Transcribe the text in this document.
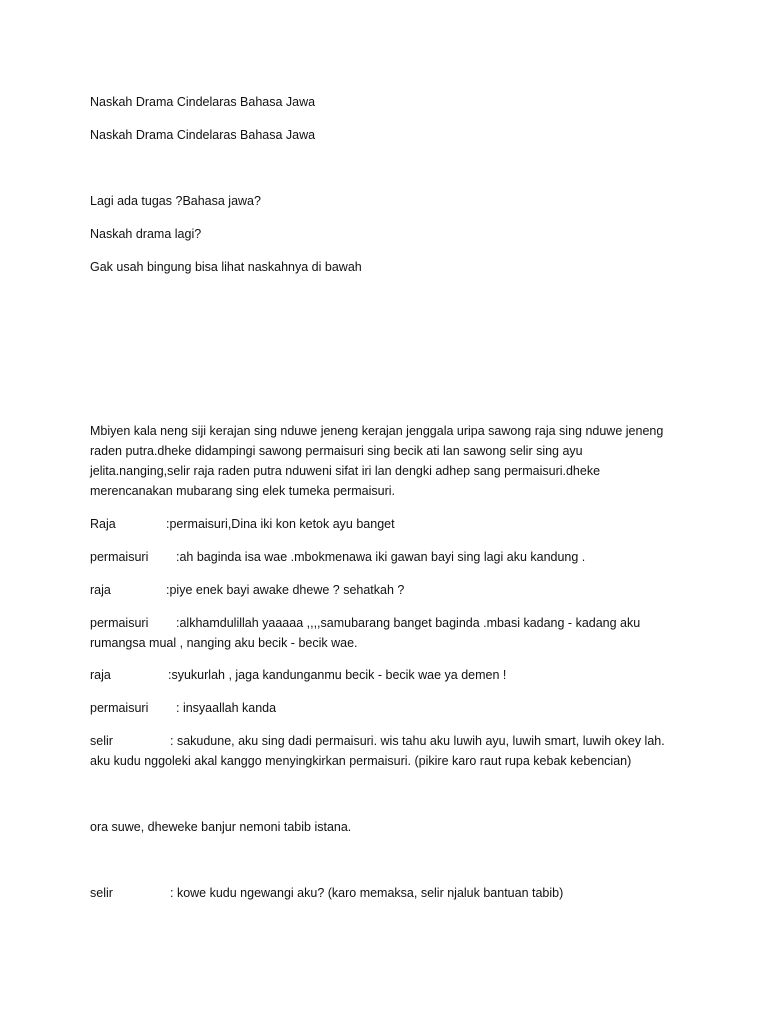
Naskah Drama Cindelaras Bahasa Jawa
Naskah Drama Cindelaras Bahasa Jawa
Lagi ada tugas ?Bahasa jawa?
Naskah drama lagi?
Gak usah bingung bisa lihat naskahnya di bawah
Mbiyen kala neng siji kerajan sing nduwe jeneng kerajan jenggala uripa sawong raja sing nduwe jeneng
raden putra.dheke didampingi sawong permaisuri sing becik ati lan sawong selir sing ayu
jelita.nanging,selir raja raden putra nduweni sifat iri lan dengki adhep sang permaisuri.dheke
merencanakan mubarang sing elek tumeka permaisuri.
Raja	:permaisuri,Dina iki kon ketok ayu banget
permaisuri :ah baginda isa wae .mbokmenawa iki gawan bayi sing lagi aku kandung .
raja	:piye enek bayi awake dhewe ? sehatkah ?
permaisuri :alkhamdulillah yaaaaa ,,,,samubarang banget baginda .mbasi kadang - kadang aku
rumangsa mual , nanging aku becik - becik wae.
raja	:syukurlah , jaga kandunganmu becik - becik wae ya demen !
permaisuri : insyaallah kanda
selir	: sakudune, aku sing dadi permaisuri. wis tahu aku luwih ayu, luwih smart, luwih okey lah.
aku kudu nggoleki akal kanggo menyingkirkan permaisuri. (pikire karo raut rupa kebak kebencian)
ora suwe, dheweke banjur nemoni tabib istana.
selir	: kowe kudu ngewangi aku? (karo memaksa, selir njaluk bantuan tabib)
